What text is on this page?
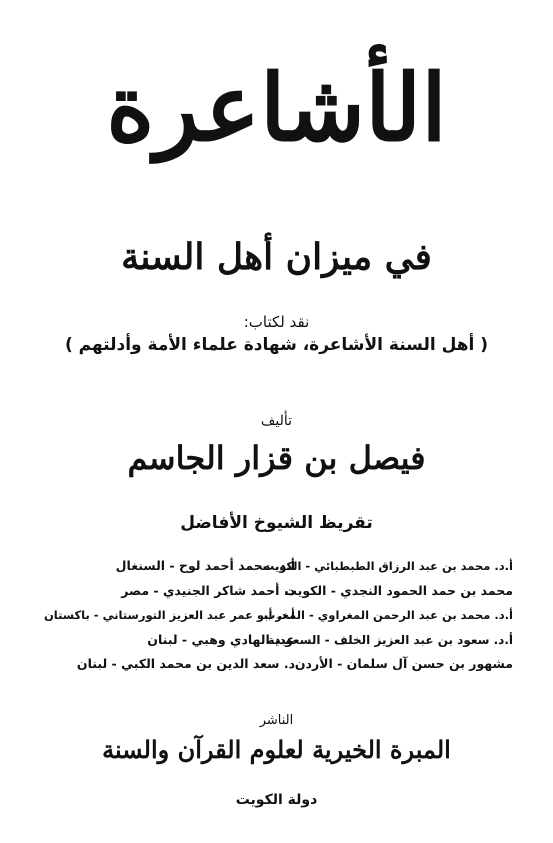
الأشاعرة
في ميزان أهل السنة
نقد لكتاب:
( أهل السنة الأشاعرة، شهادة علماء الأمة وأدلتهم )
تأليف
فيصل بن قزار الجاسم
تقريظ الشيوخ الأفاضل
أ.د. محمد بن عبد الرزاق الطبطبائي - الكويت
محمد بن حمد الحمود النجدي - الكويت
أ.د. محمد بن عبد الرحمن المغراوي - المغرب
أ.د. سعود بن عبد العزيز الخلف - السعودية
مشهور بن حسن آل سلمان - الأردن
أ.د. محمد أحمد لوح - السنغال
د. أحمد شاكر الجنيدي - مصر
أ.د. أبو عمر عبد العزيز التورستاني - باكستان
عبد الهادي وهبي - لبنان
د. سعد الدين بن محمد الكبي - لبنان
الناشر
المبرة الخيرية لعلوم القرآن والسنة
دولة الكويت
